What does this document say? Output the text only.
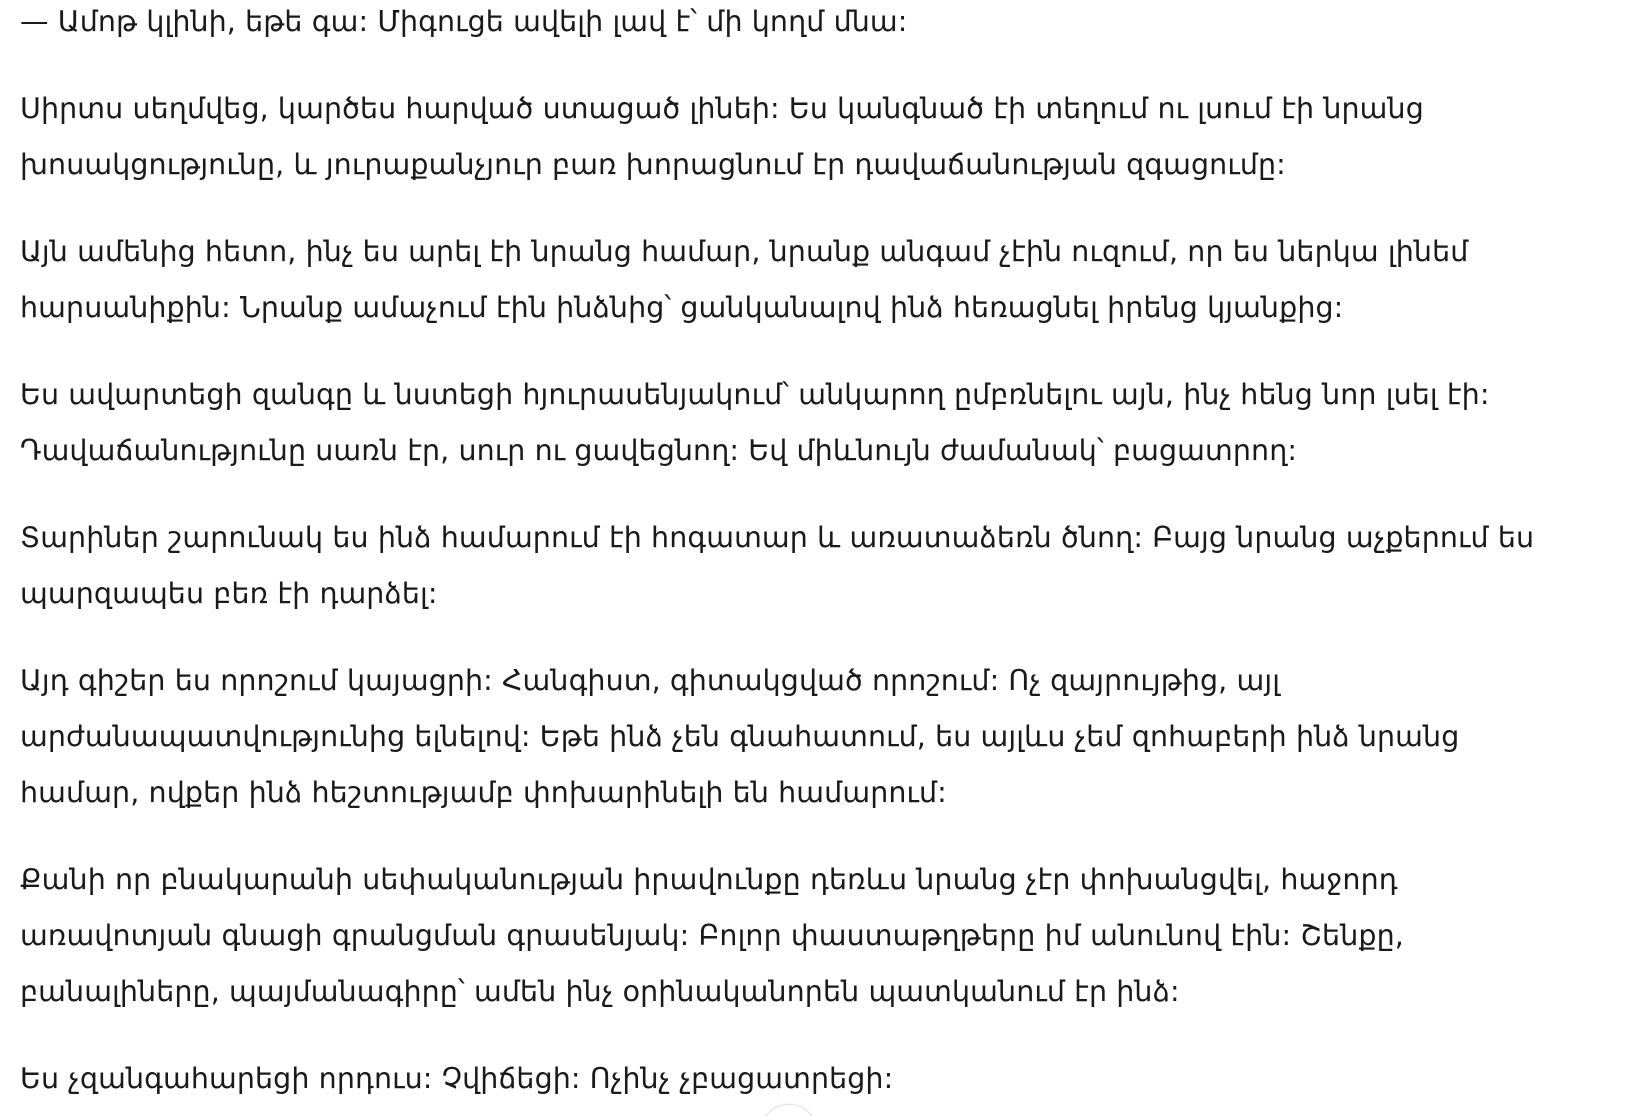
— Ամոթ կլինի, եթե գա: Միգուցե ավելի լավ է՝ մի կողմ մնա:

Սիրտս սեղմվեց, կարծես հարված ստացած լինեի: Ես կանգնած էի տեղում ու լսում էի նրանց խոսակցությունը, և յուրաքանչյուր բառ խորացնում էր դավաճանության զգացումը:

Այն ամենից հետո, ինչ ես արել էի նրանց համար, նրանք անգամ չէին ուզում, որ ես ներկա լինեմ հարսանիքին: Նրանք ամաչում էին ինձնից՝ ցանկանալով ինձ հեռացնել իրենց կյանքից:

Ես ավարտեցի զանգը և նստեցի հյուրասենյակում՝ անկարող ըմբռնելու այն, ինչ հենց նոր լսել էի: Դավաճանությունը սառն էր, սուր ու ցավեցնող: Եվ միևնույն ժամանակ՝ բացատրող:

Տարիներ շարունակ ես ինձ համարում էի հոգատար և առատաձեռն ծնող: Բայց նրանց աչքերում ես պարզապես բեռ էի դարձել:

Այդ գիշեր ես որոշում կայացրի: Հանգիստ, գիտակցված որոշում: Ոչ զայրույթից, այլ արժանապատվությունից ելնելով: Եթե ինձ չեն գնահատում, ես այլևս չեմ զոհաբերի ինձ նրանց համար, ովքեր ինձ հեշտությամբ փոխարինելի են համարում:

Քանի որ բնակարանի սեփականության իրավունքը դեռևս նրանց չէր փոխանցվել, հաջորդ առավոտյան գնացի գրանցման գրասենյակ: Բոլոր փաստաթղթերը իմ անունով էին: Շենքը, բանալիները, պայմանագիրը՝ ամեն ինչ օրինականորեն պատկանում էր ինձ:

Ես չզանգահարեցի որդուս: Չվիճեցի: Ոչինչ չբացատրեցի:
